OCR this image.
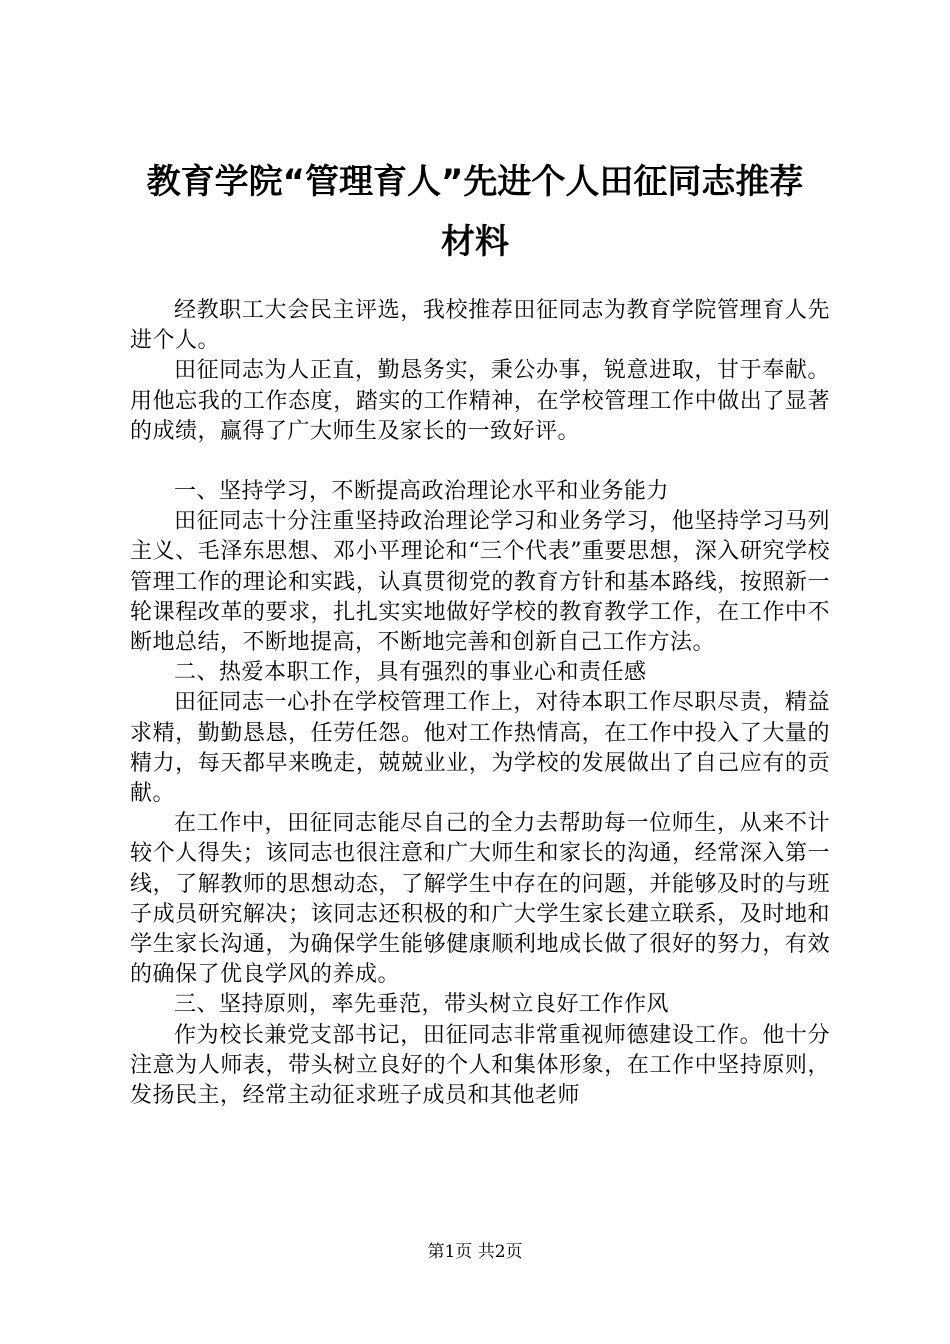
教育学院“管理育人”先进个人田征同志推荐
材料

经教职工大会民主评选，我校推荐田征同志为教育学院管理育人先进个人。

田征同志为人正直，勤恳务实，秉公办事，锐意进取，甘于奉献。用他忘我的工作态度，踏实的工作精神，在学校管理工作中做出了显著的成绩，赢得了广大师生及家长的一致好评。

一、坚持学习，不断提高政治理论水平和业务能力

田征同志十分注重坚持政治理论学习和业务学习，他坚持学习马列主义、毛泽东思想、邓小平理论和“三个代表”重要思想，深入研究学校管理工作的理论和实践，认真贯彻党的教育方针和基本路线，按照新一轮课程改革的要求，扎扎实实地做好学校的教育教学工作，在工作中不断地总结，不断地提高，不断地完善和创新自己工作方法。

二、热爱本职工作，具有强烈的事业心和责任感

田征同志一心扑在学校管理工作上，对待本职工作尽职尽责，精益求精，勤勤恳恳，任劳任怨。他对工作热情高，在工作中投入了大量的精力，每天都早来晚走，兢兢业业，为学校的发展做出了自己应有的贡献。

在工作中，田征同志能尽自己的全力去帮助每一位师生，从来不计较个人得失；该同志也很注意和广大师生和家长的沟通，经常深入第一线，了解教师的思想动态，了解学生中存在的问题，并能够及时的与班子成员研究解决；该同志还积极的和广大学生家长建立联系，及时地和学生家长沟通，为确保学生能够健康顺利地成长做了很好的努力，有效的确保了优良学风的养成。

三、坚持原则，率先垂范，带头树立良好工作作风

作为校长兼党支部书记，田征同志非常重视师德建设工作。他十分注意为人师表，带头树立良好的个人和集体形象，在工作中坚持原则，发扬民主，经常主动征求班子成员和其他老师

第1页 共2页
